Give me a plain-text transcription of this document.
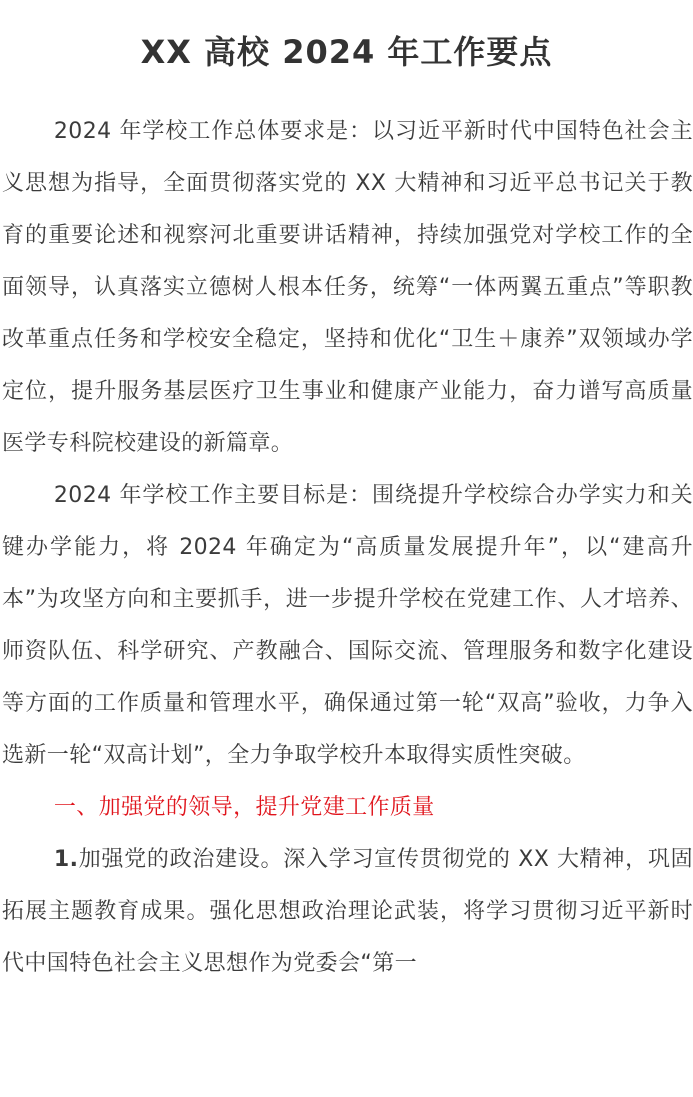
XX 高校 2024 年工作要点

2024 年学校工作总体要求是：以习近平新时代中国特色社会主义思想为指导，全面贯彻落实党的 XX 大精神和习近平总书记关于教育的重要论述和视察河北重要讲话精神，持续加强党对学校工作的全面领导，认真落实立德树人根本任务，统筹“一体两翼五重点”等职教改革重点任务和学校安全稳定，坚持和优化“卫生＋康养”双领域办学定位，提升服务基层医疗卫生事业和健康产业能力，奋力谱写高质量医学专科院校建设的新篇章。

2024 年学校工作主要目标是：围绕提升学校综合办学实力和关键办学能力，将 2024 年确定为“高质量发展提升年”，以“建高升本”为攻坚方向和主要抓手，进一步提升学校在党建工作、人才培养、师资队伍、科学研究、产教融合、国际交流、管理服务和数字化建设等方面的工作质量和管理水平，确保通过第一轮“双高”验收，力争入选新一轮“双高计划”，全力争取学校升本取得实质性突破。

一、加强党的领导，提升党建工作质量

1.加强党的政治建设。深入学习宣传贯彻党的 XX 大精神，巩固拓展主题教育成果。强化思想政治理论武装，将学习贯彻习近平新时代中国特色社会主义思想作为党委会“第一
